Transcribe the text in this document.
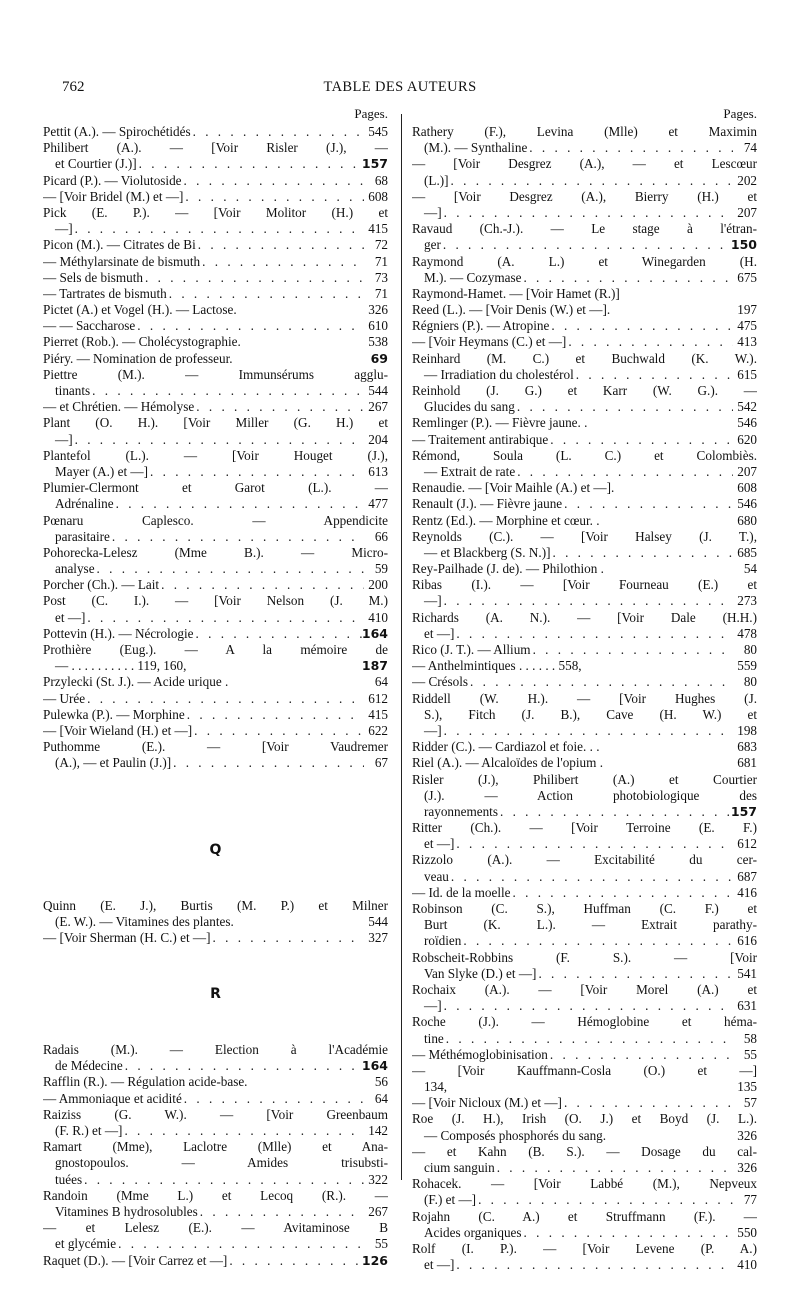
762	TABLE DES AUTEURS
Pages.
Pettit (A.). — Spirochétidés . . .	545
Philibert (A.). — [Voir Risler (J.), —
et Courtier (J.)] . . .	157
Picard (P.). — Violutoside . . .	68
— [Voir Bridel (M.) et —] . . .	608
Pick (E. P.). — [Voir Molitor (H.) et
—] . . .	415
Picon (M.). — Citrates de Bi . . .	72
— Méthylarsinate de bismuth . . .	71
— Sels de bismuth . . .	73
— Tartrates de bismuth . . .	71
Pictet (A.) et Vogel (H.). — Lactose.	326
— — Saccharose . . .	610
Pierret (Rob.). — Cholécystographie.	538
Piéry. — Nomination de professeur.	69
Piettre (M.). — Immunsérums agglu-
tinants . . .	544
— et Chrétien. — Hémolyse . . .	267
Plant (O. H.). [Voir Miller (G. H.) et
—] . . .	204
Plantefol (L.). — [Voir Houget (J.),
Mayer (A.) et —] . . .	613
Plumier-Clermont et Garot (L.). —
Adrénaline . . .	477
Pœnaru Caplesco. — Appendicite
parasitaire . . .	66
Pohorecka-Lelesz (Mme B.). — Micro-
analyse . . .	59
Porcher (Ch.). — Lait . . .	200
Post (C. I.). — [Voir Nelson (J. M.)
et —] . . .	410
Pottevin (H.). — Nécrologie . . .	164
Prothière (Eug.). — A la mémoire de
— . . . . . . . . . . 119, 160,	187
Przylecki (St. J.). — Acide urique .	64
— Urée . . .	612
Pulewka (P.). — Morphine . . .	415
— [Voir Wieland (H.) et —] . . .	622
Puthomme (E.). — [Voir Vaudremer
(A.), — et Paulin (J.)] . . .	67
Q
Quinn (E. J.), Burtis (M. P.) et Milner
(E. W.). — Vitamines des plantes.	544
— [Voir Sherman (H. C.) et —] . . .	327
R
Radais (M.). — Election à l'Académie
de Médecine . . .	164
Rafflin (R.). — Régulation acide-base.	56
— Ammoniaque et acidité . . .	64
Raiziss (G. W.). — [Voir Greenbaum
(F. R.) et —] . . .	142
Ramart (Mme), Laclotre (Mlle) et Ana-
gnostopoulos. — Amides trisubsti-
tuées . . .	322
Randoin (Mme L.) et Lecoq (R.). —
Vitamines B hydrosolubles . . .	267
— et Lelesz (E.). — Avitaminose B
et glycémie . . .	55
Raquet (D.). — [Voir Carrez et —] . . .	126
Pages.
Rathery (F.), Levina (Mlle) et Maximin
(M.). — Synthaline . . .	74
— [Voir Desgrez (A.), — et Lescœur
(L.)] . . .	202
— [Voir Desgrez (A.), Bierry (H.) et
—] . . .	207
Ravaud (Ch.-J.). — Le stage à l'étran-
ger . . .	150
Raymond (A. L.) et Winegarden (H.
M.). — Cozymase . . .	675
Raymond-Hamet. — [Voir Hamet (R.)]
Reed (L.). — [Voir Denis (W.) et —].	197
Régniers (P.). — Atropine . . .	475
— [Voir Heymans (C.) et —] . . .	413
Reinhard (M. C.) et Buchwald (K. W.).
— Irradiation du cholestérol . . .	615
Reinhold (J. G.) et Karr (W. G.). —
Glucides du sang . . .	542
Remlinger (P.). — Fièvre jaune. .	546
— Traitement antirabique . . .	620
Rémond, Soula (L. C.) et Colombiès.
— Extrait de rate . . .	207
Renaudie. — [Voir Maihle (A.) et —].	608
Renault (J.). — Fièvre jaune . . .	546
Rentz (Ed.). — Morphine et cœur. .	680
Reynolds (C.). — [Voir Halsey (J. T.),
— et Blackberg (S. N.)] . . .	685
Rey-Pailhade (J. de). — Philothion .	54
Ribas (I.). — [Voir Fourneau (E.) et
—] . . .	273
Richards (A. N.). — [Voir Dale (H.H.)
et —] . . .	478
Rico (J. T.). — Allium . . .	80
— Anthelmintiques . . . . . . 558,	559
— Crésols . . .	80
Riddell (W. H.). — [Voir Hughes (J.
S.), Fitch (J. B.), Cave (H. W.) et
—] . . .	198
Ridder (C.). — Cardiazol et foie. . .	683
Riel (A.). — Alcaloïdes de l'opium .	681
Risler (J.), Philibert (A.) et Courtier
(J.). — Action photobiologique des
rayonnements . . .	157
Ritter (Ch.). — [Voir Terroine (E. F.)
et —] . . .	612
Rizzolo (A.). — Excitabilité du cer-
veau . . .	687
— Id. de la moelle . . .	416
Robinson (C. S.), Huffman (C. F.) et
Burt (K. L.). — Extrait parathy-
roïdien . . .	616
Robscheit-Robbins (F. S.). — [Voir
Van Slyke (D.) et —] . . .	541
Rochaix (A.). — [Voir Morel (A.) et
—] . . .	631
Roche (J.). — Hémoglobine et héma-
tine . . .	58
— Méthémoglobinisation . . .	55
— [Voir Kauffmann-Cosla (O.) et —]
134,	135
— [Voir Nicloux (M.) et —] . . .	57
Roe (J. H.), Irish (O. J.) et Boyd (J. L.).
— Composés phosphorés du sang.	326
— et Kahn (B. S.). — Dosage du cal-
cium sanguin . . .	326
Rohacek. — [Voir Labbé (M.), Nepveux
(F.) et —] . . .	77
Rojahn (C. A.) et Struffmann (F.). —
Acides organiques . . .	550
Rolf (I. P.). — [Voir Levene (P. A.)
et —] . . .	410
